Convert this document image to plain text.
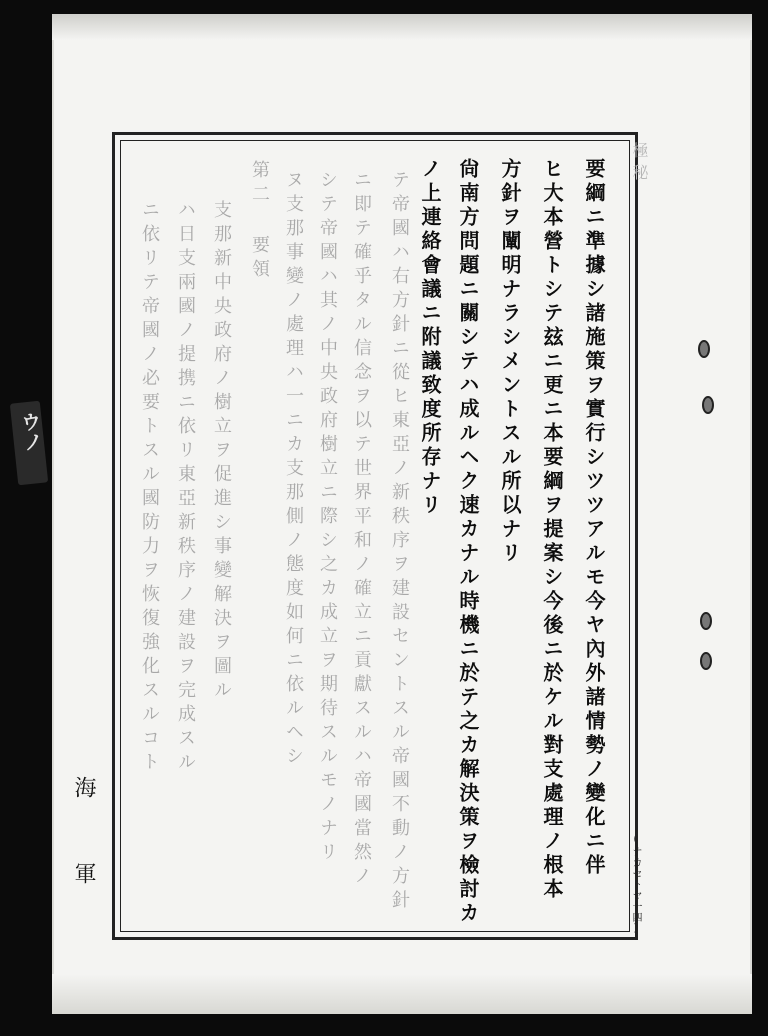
ウノ
極秘
要綱ニ準據シ諸施策ヲ實行シツツアルモ今ヤ內外諸情勢ノ變化ニ伴
ヒ大本營トシテ玆ニ更ニ本要綱ヲ提案シ今後ニ於ケル對支處理ノ根本
方針ヲ闡明ナラシメントスル所以ナリ
尙南方問題ニ關シテハ成ルヘク速カナル時機ニ於テ之カ解決策ヲ檢討カ
ノ上連絡會議ニ附議致度所存ナリ
テ帝國ハ右方針ニ從ヒ東亞ノ新秩序ヲ建設セントスル帝國不動ノ方針
ニ即テ確乎タル信念ヲ以テ世界平和ノ確立ニ貢獻スルハ帝國當然ノ
シテ帝國ハ其ノ中央政府樹立ニ際シ之カ成立ヲ期待スルモノナリ
ヌ支那事變ノ處理ハ一ニカ支那側ノ態度如何ニ依ルヘシ
第二 要領
支那新中央政府ノ樹立ヲ促進シ事變解決ヲ圖ル
ハ日支兩國ノ提携ニ依リ東亞新秩序ノ建設ヲ完成スル
ニ依リテ帝國ノ必要トスル國防力ヲ恢復強化スルコト
海
軍	(ナカセトヤ一四)
